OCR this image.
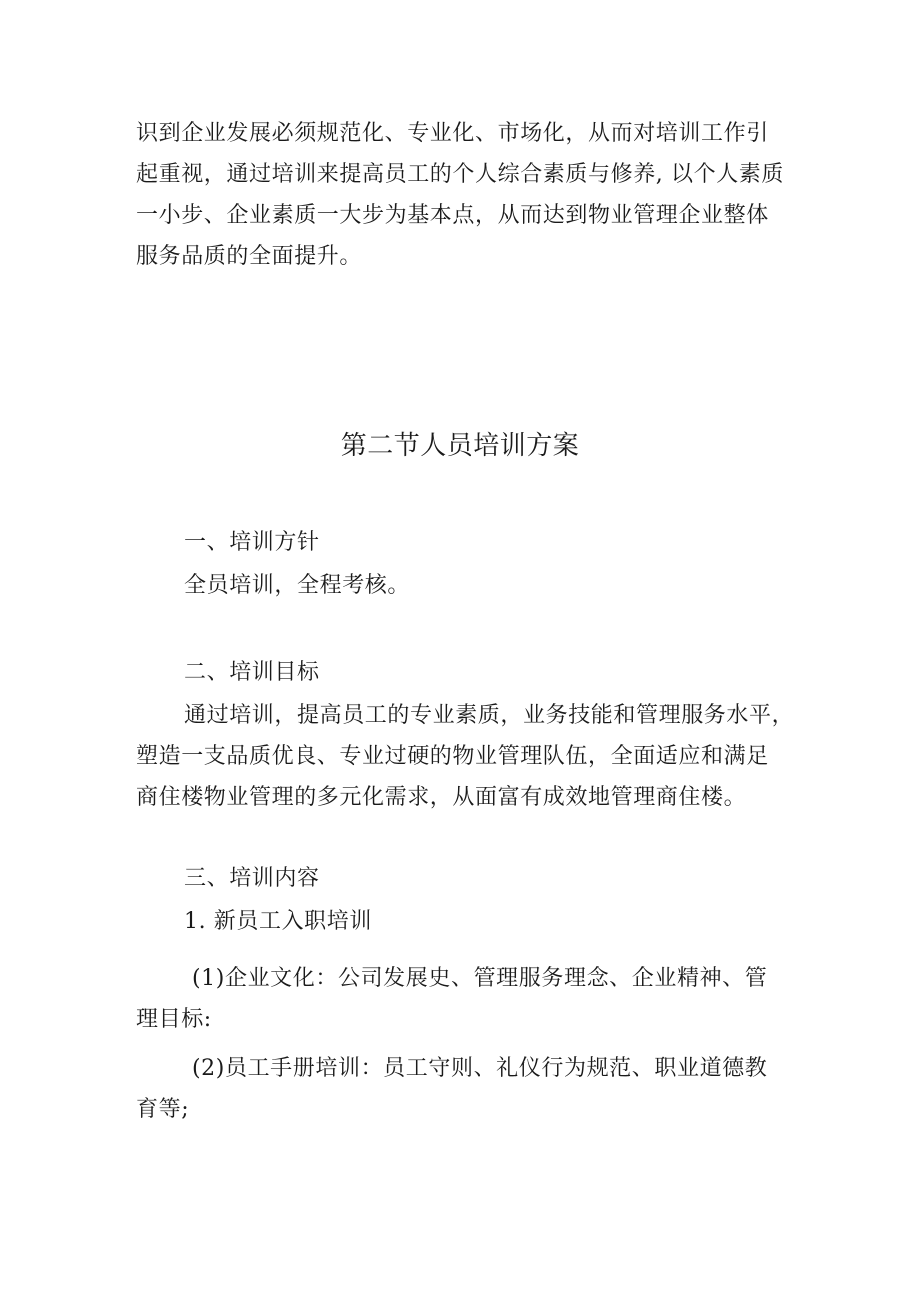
识到企业发展必须规范化、专业化、市场化，从而对培训工作引
起重视，通过培训来提高员工的个人综合素质与修养, 以个人素质
一小步、企业素质一大步为基本点，从而达到物业管理企业整体
服务品质的全面提升。
第二节人员培训方案
一、培训方针
全员培训，全程考核。
二、培训目标
通过培训，提高员工的专业素质，业务技能和管理服务水平，
塑造一支品质优良、专业过硬的物业管理队伍，全面适应和满足
商住楼物业管理的多元化需求，从面富有成效地管理商住楼。
三、培训内容
1. 新员工入职培训
(1)企业文化：公司发展史、管理服务理念、企业精神、管
理目标:
(2)员工手册培训：员工守则、礼仪行为规范、职业道德教
育等;
